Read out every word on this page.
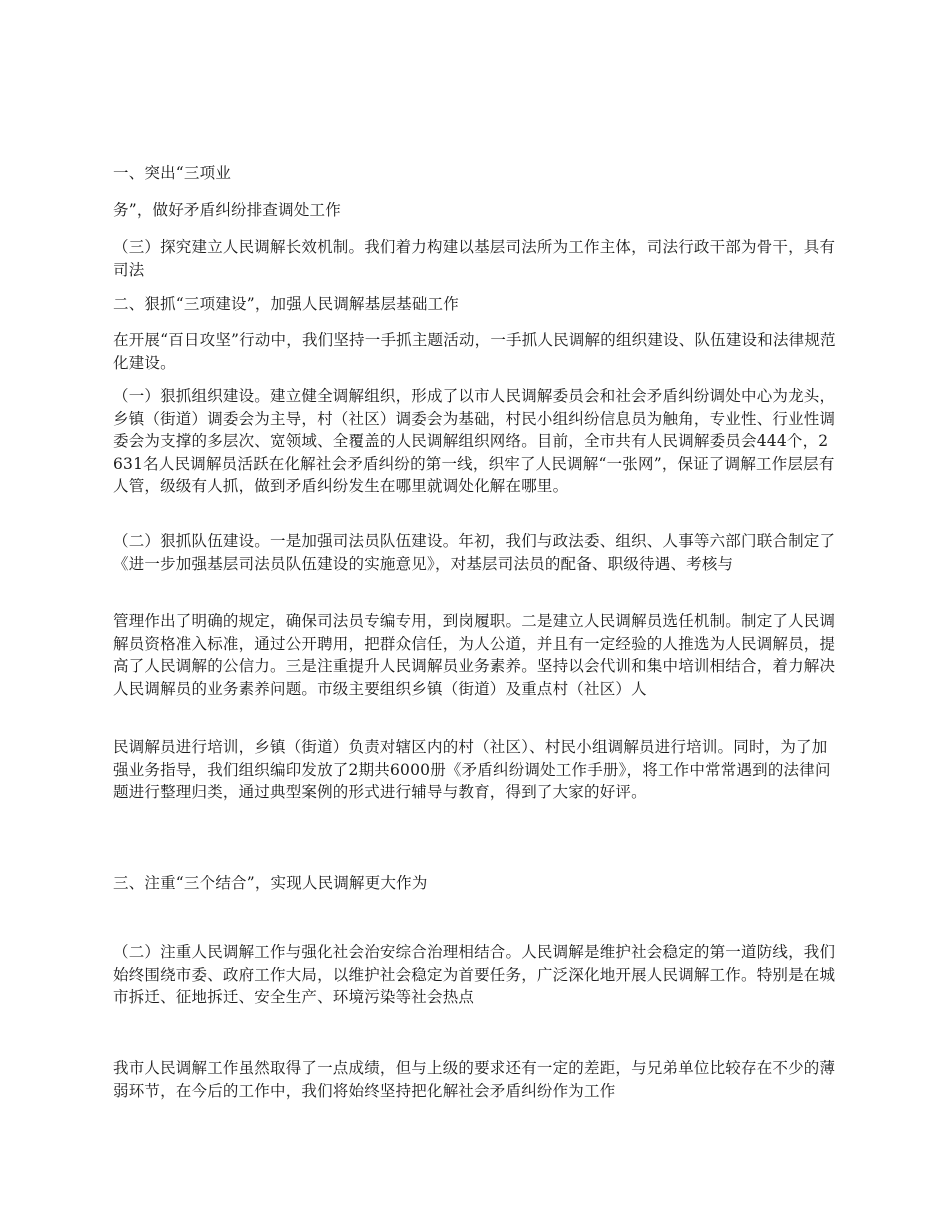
一、突出“三项业

务”，做好矛盾纠纷排查调处工作

（三）探究建立人民调解长效机制。我们着力构建以基层司法所为工作主体，司法行政干部为骨干，具有司法

二、狠抓“三项建设”，加强人民调解基层基础工作

在开展“百日攻坚”行动中，我们坚持一手抓主题活动，一手抓人民调解的组织建设、队伍建设和法律规范化建设。

（一）狠抓组织建设。建立健全调解组织，形成了以市人民调解委员会和社会矛盾纠纷调处中心为龙头，乡镇（街道）调委会为主导，村（社区）调委会为基础，村民小组纠纷信息员为触角，专业性、行业性调委会为支撑的多层次、宽领域、全覆盖的人民调解组织网络。目前，全市共有人民调解委员会444个，2631名人民调解员活跃在化解社会矛盾纠纷的第一线，织牢了人民调解“一张网”，保证了调解工作层层有人管，级级有人抓，做到矛盾纠纷发生在哪里就调处化解在哪里。

（二）狠抓队伍建设。一是加强司法员队伍建设。年初，我们与政法委、组织、人事等六部门联合制定了《进一步加强基层司法员队伍建设的实施意见》，对基层司法员的配备、职级待遇、考核与

管理作出了明确的规定，确保司法员专编专用，到岗履职。二是建立人民调解员选任机制。制定了人民调解员资格准入标准，通过公开聘用，把群众信任，为人公道，并且有一定经验的人推选为人民调解员，提高了人民调解的公信力。三是注重提升人民调解员业务素养。坚持以会代训和集中培训相结合，着力解决人民调解员的业务素养问题。市级主要组织乡镇（街道）及重点村（社区）人

民调解员进行培训，乡镇（街道）负责对辖区内的村（社区）、村民小组调解员进行培训。同时，为了加强业务指导，我们组织编印发放了2期共6000册《矛盾纠纷调处工作手册》，将工作中常常遇到的法律问题进行整理归类，通过典型案例的形式进行辅导与教育，得到了大家的好评。

三、注重“三个结合”，实现人民调解更大作为

（二）注重人民调解工作与强化社会治安综合治理相结合。人民调解是维护社会稳定的第一道防线，我们始终围绕市委、政府工作大局，以维护社会稳定为首要任务，广泛深化地开展人民调解工作。特别是在城市拆迁、征地拆迁、安全生产、环境污染等社会热点

我市人民调解工作虽然取得了一点成绩，但与上级的要求还有一定的差距，与兄弟单位比较存在不少的薄弱环节，在今后的工作中，我们将始终坚持把化解社会矛盾纠纷作为工作
